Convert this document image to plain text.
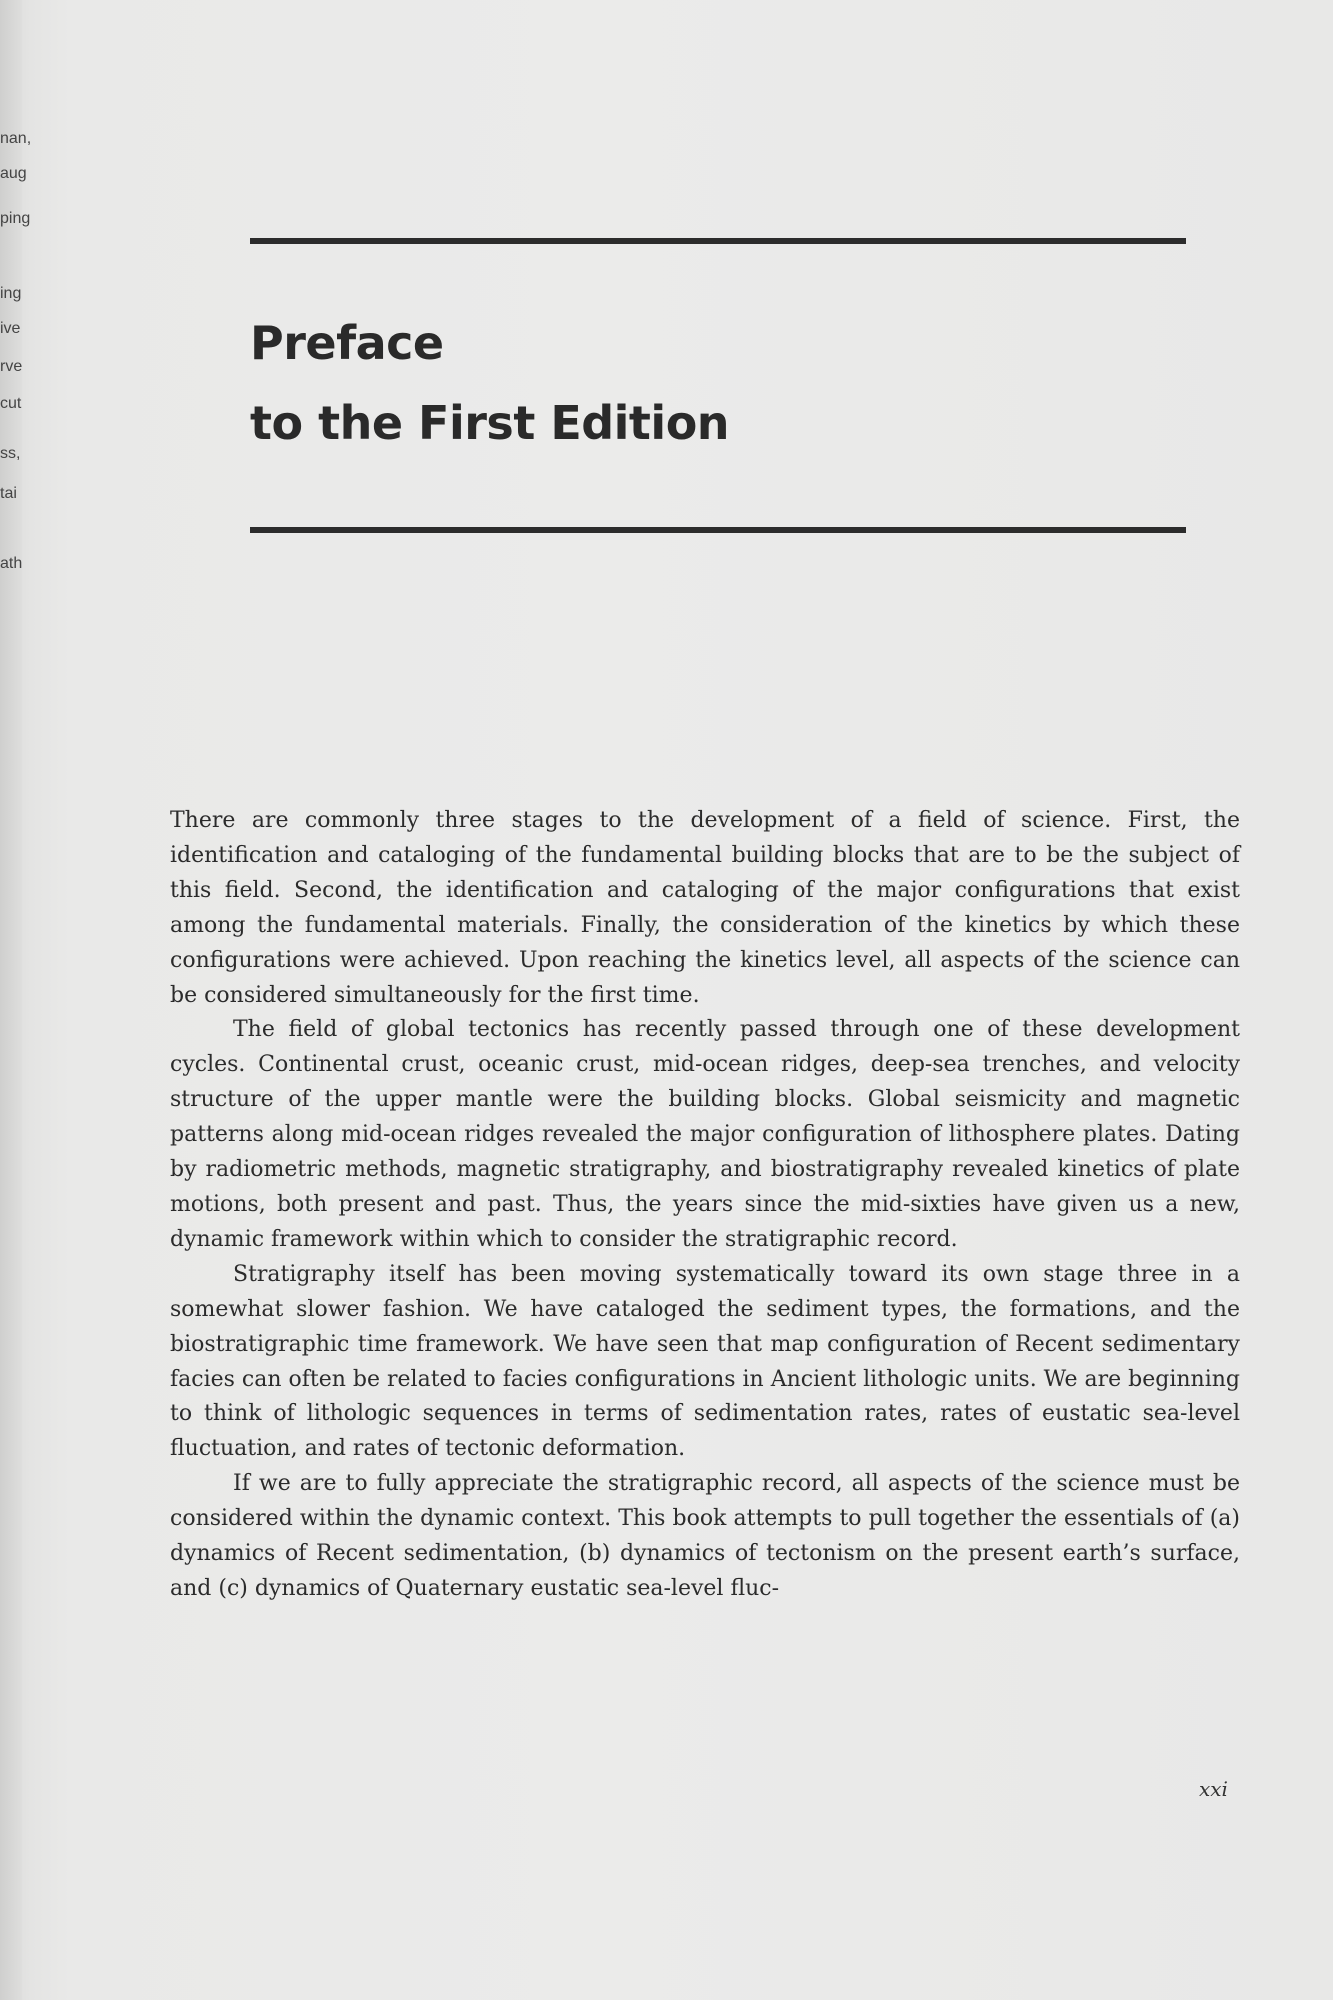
nan,
aug
ping
ing
ive
rve
cut
ss,
tai
ath
Preface
to the First Edition

There are commonly three stages to the development of a field of science. First, the identification and cataloging of the fundamental building blocks that are to be the subject of this field. Second, the identification and cataloging of the major configurations that exist among the fundamental materials. Finally, the consideration of the kinetics by which these configurations were achieved. Upon reaching the kinetics level, all aspects of the science can be considered simultaneously for the first time.

The field of global tectonics has recently passed through one of these development cycles. Continental crust, oceanic crust, mid-ocean ridges, deep-sea trenches, and velocity structure of the upper mantle were the building blocks. Global seismicity and magnetic patterns along mid-ocean ridges revealed the major configuration of lithosphere plates. Dating by radiometric methods, magnetic stratigraphy, and biostratigraphy revealed kinetics of plate motions, both present and past. Thus, the years since the mid-sixties have given us a new, dynamic framework within which to consider the stratigraphic record.

Stratigraphy itself has been moving systematically toward its own stage three in a somewhat slower fashion. We have cataloged the sediment types, the formations, and the biostratigraphic time framework. We have seen that map configuration of Recent sedimentary facies can often be related to facies configurations in Ancient lithologic units. We are beginning to think of lithologic sequences in terms of sedimentation rates, rates of eustatic sea-level fluctuation, and rates of tectonic deformation.

If we are to fully appreciate the stratigraphic record, all aspects of the science must be considered within the dynamic context. This book attempts to pull together the essentials of (a) dynamics of Recent sedimentation, (b) dynamics of tectonism on the present earth’s surface, and (c) dynamics of Quaternary eustatic sea-level fluc-

xxi
